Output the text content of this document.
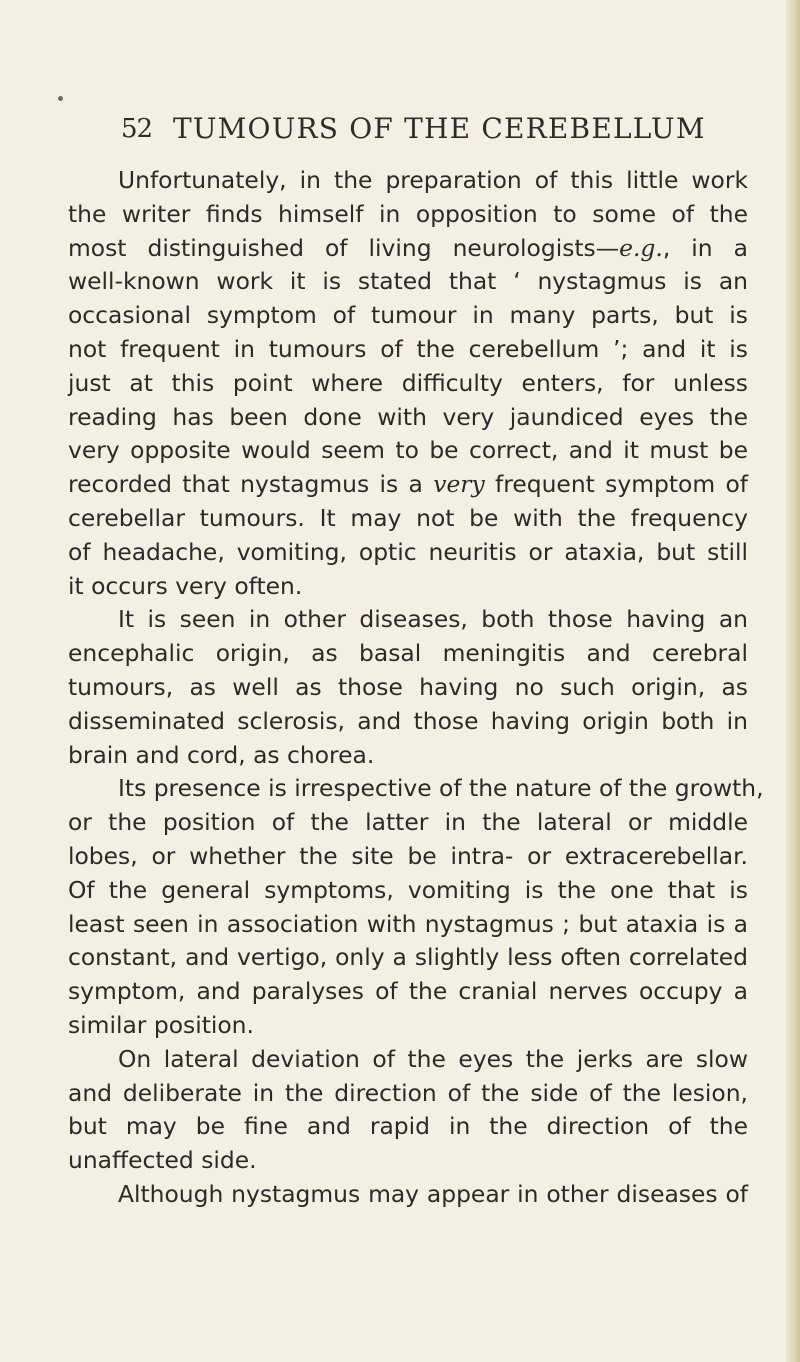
52 TUMOURS OF THE CEREBELLUM

Unfortunately, in the preparation of this little work
the writer finds himself in opposition to some of the
most distinguished of living neurologists—e.g., in a
well-known work it is stated that ‘ nystagmus is an
occasional symptom of tumour in many parts, but is
not frequent in tumours of the cerebellum ’; and it is
just at this point where difficulty enters, for unless
reading has been done with very jaundiced eyes the
very opposite would seem to be correct, and it must be
recorded that nystagmus is a very frequent symptom of
cerebellar tumours. It may not be with the frequency
of headache, vomiting, optic neuritis or ataxia, but still
it occurs very often.

It is seen in other diseases, both those having an
encephalic origin, as basal meningitis and cerebral
tumours, as well as those having no such origin, as
disseminated sclerosis, and those having origin both in
brain and cord, as chorea.

Its presence is irrespective of the nature of the growth,
or the position of the latter in the lateral or middle
lobes, or whether the site be intra- or extracerebellar.
Of the general symptoms, vomiting is the one that is
least seen in association with nystagmus ; but ataxia is a
constant, and vertigo, only a slightly less often correlated
symptom, and paralyses of the cranial nerves occupy a
similar position.

On lateral deviation of the eyes the jerks are slow
and deliberate in the direction of the side of the lesion,
but may be fine and rapid in the direction of the
unaffected side.

Although nystagmus may appear in other diseases of
